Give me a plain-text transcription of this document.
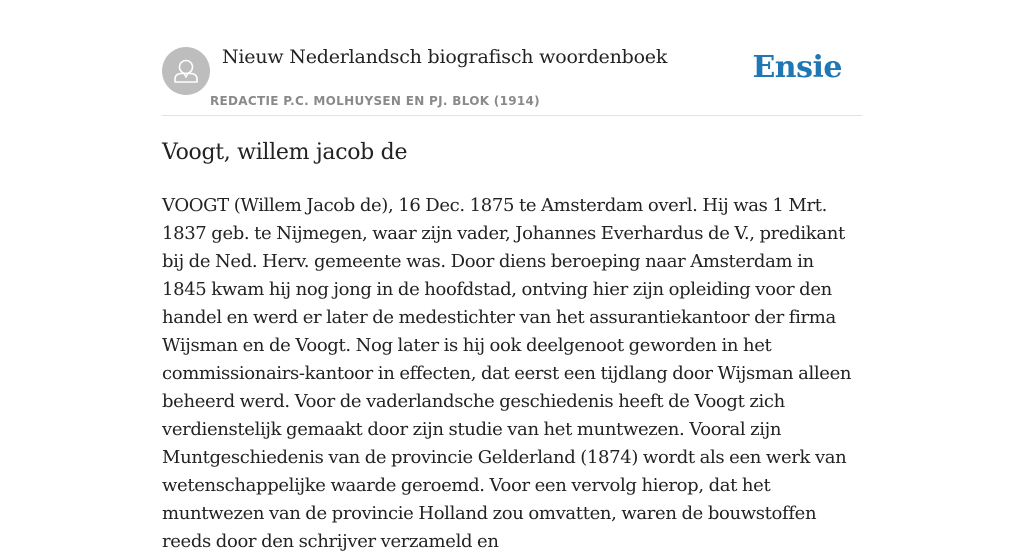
Nieuw Nederlandsch biografisch woordenboek
REDACTIE P.C. MOLHUYSEN EN PJ. BLOK (1914)
Ensie
Voogt, willem jacob de

VOOGT (Willem Jacob de), 16 Dec. 1875 te Amsterdam overl. Hij was 1 Mrt. 1837 geb. te Nijmegen, waar zijn vader, Johannes Everhardus de V., predikant bij de Ned. Herv. gemeente was. Door diens beroeping naar Amsterdam in 1845 kwam hij nog jong in de hoofdstad, ontving hier zijn opleiding voor den handel en werd er later de medestichter van het assurantiekantoor der firma Wijsman en de Voogt. Nog later is hij ook deelgenoot geworden in het commissionairs-kantoor in effecten, dat eerst een tijdlang door Wijsman alleen beheerd werd. Voor de vaderlandsche geschiedenis heeft de Voogt zich verdienstelijk gemaakt door zijn studie van het muntwezen. Vooral zijn Muntgeschiedenis van de provincie Gelderland (1874) wordt als een werk van wetenschappelijke waarde geroemd. Voor een vervolg hierop, dat het muntwezen van de provincie Holland zou omvatten, waren de bouwstoffen reeds door den schrijver verzameld en
